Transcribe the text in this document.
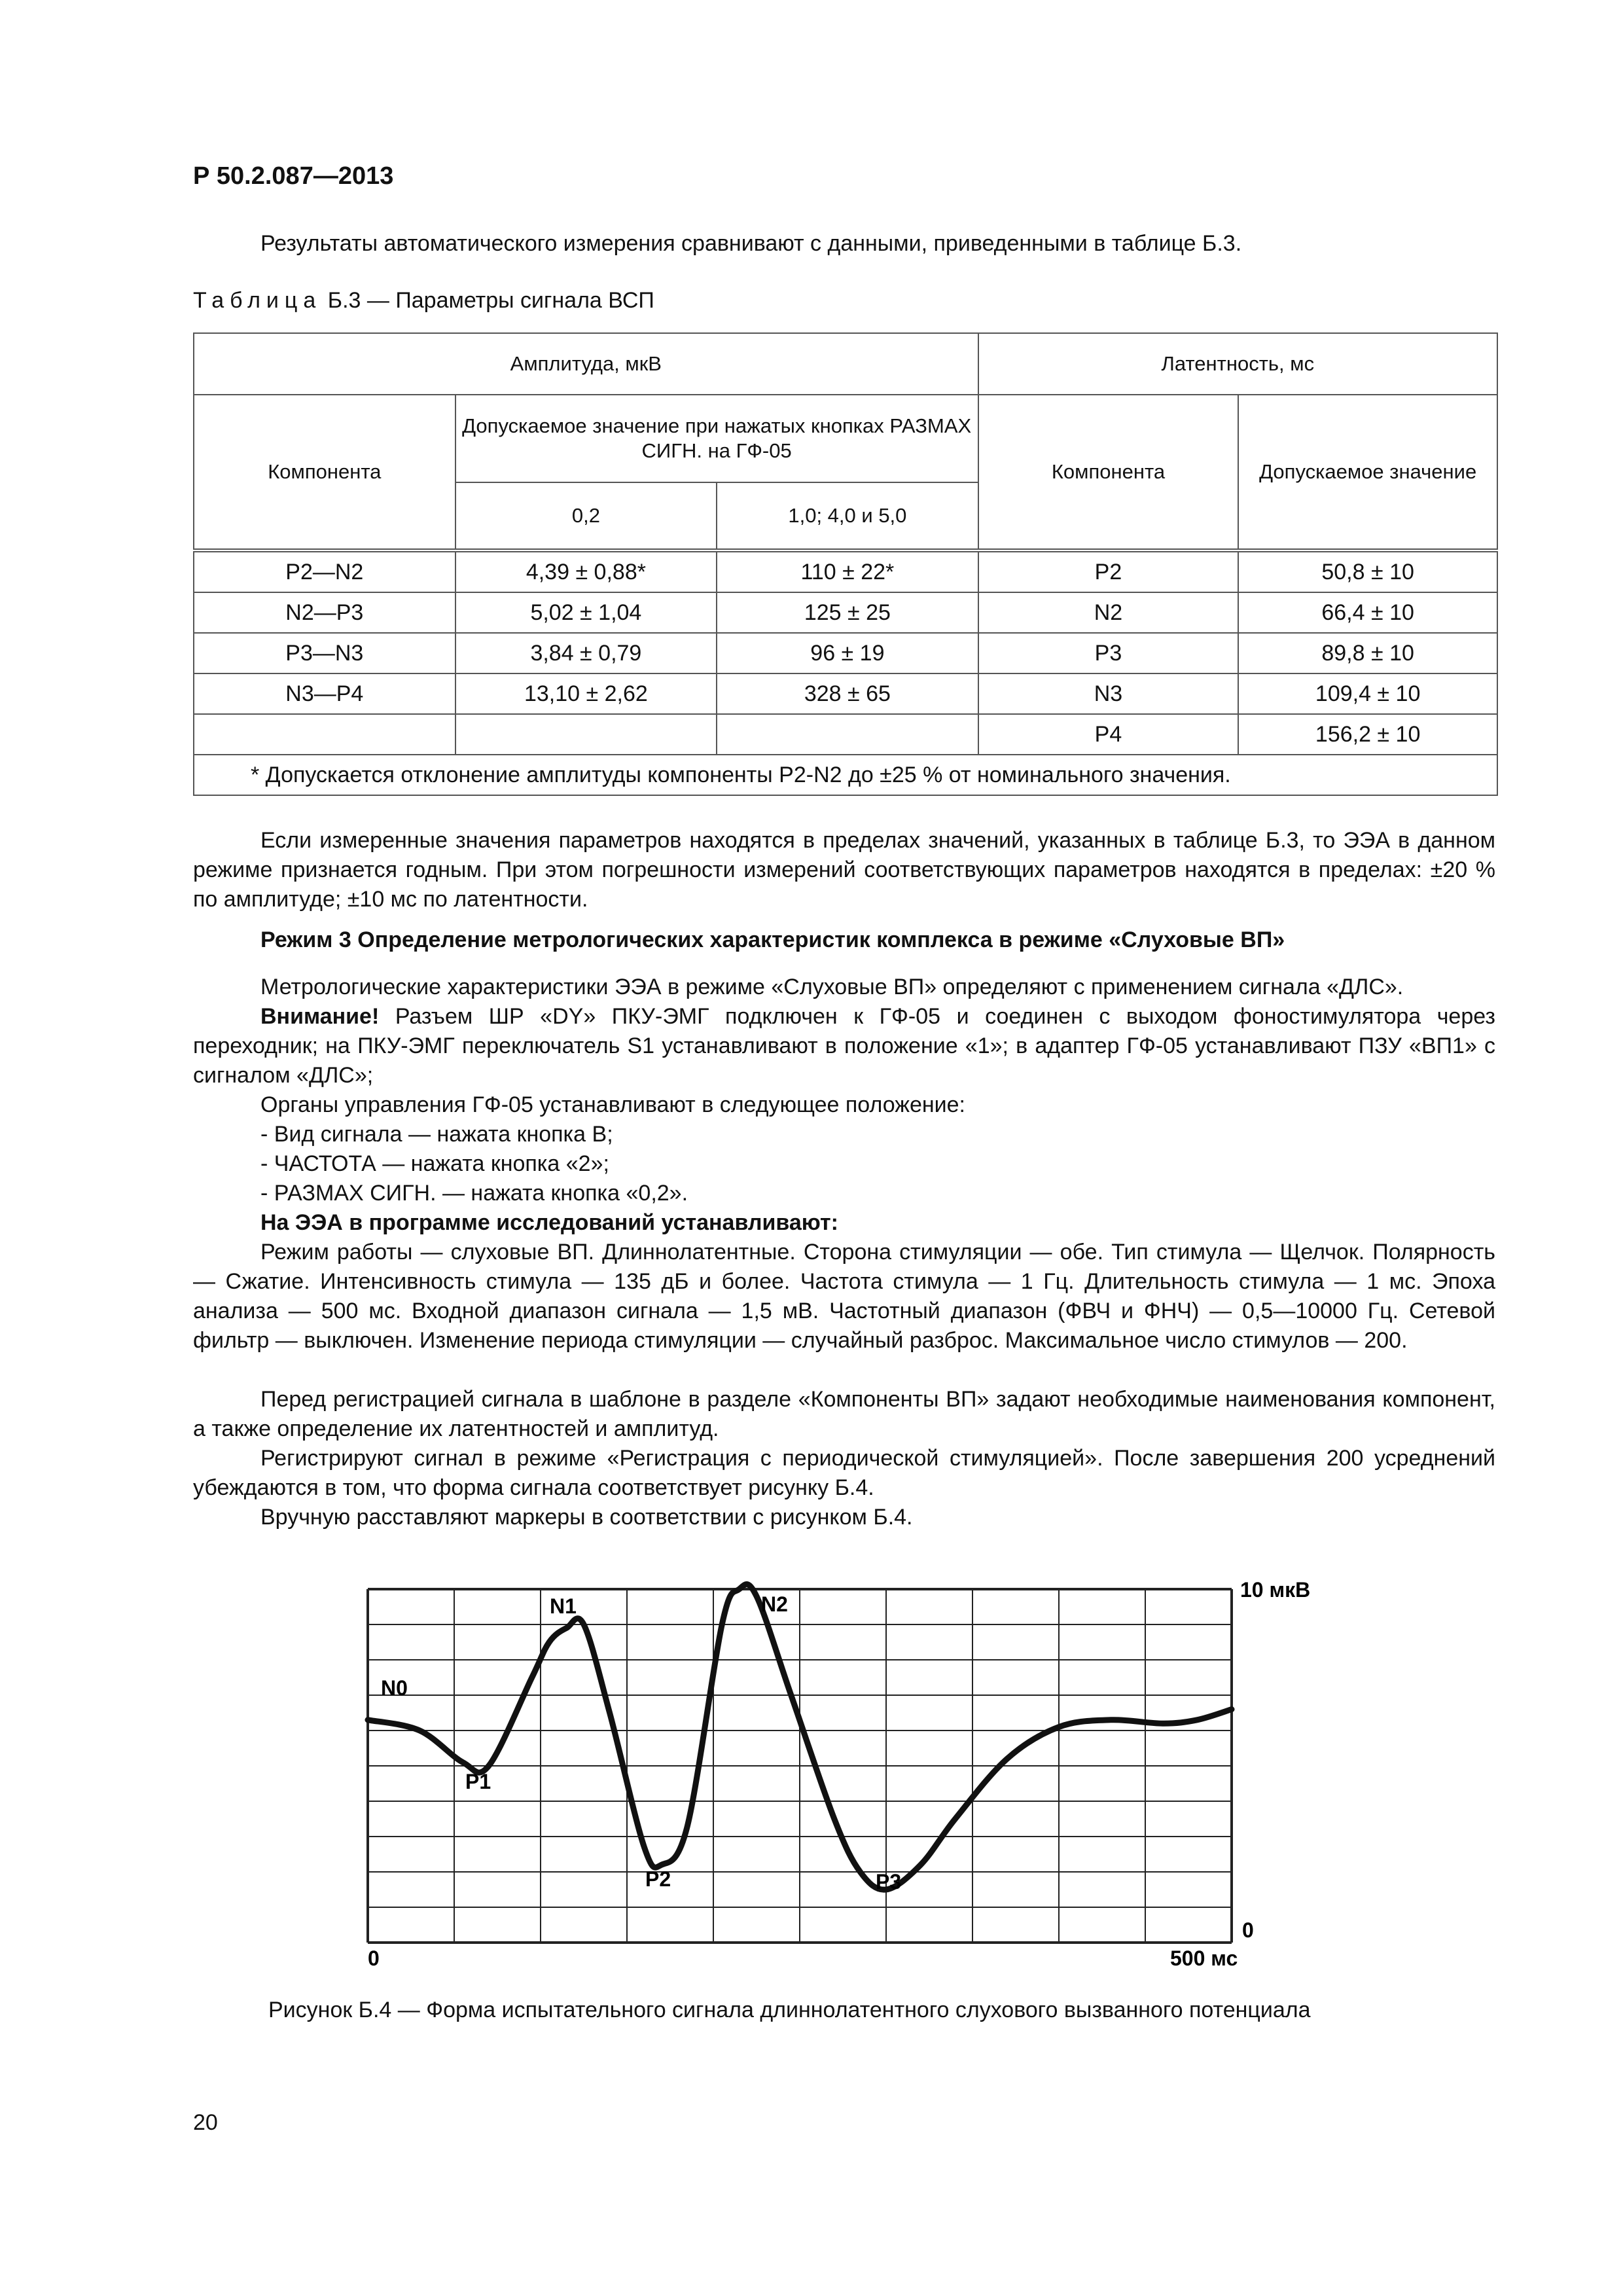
Р 50.2.087—2013
Результаты автоматического измерения сравнивают с данными, приведенными в таблице Б.3.
Таблица Б.3 — Параметры сигнала ВСП
Амплитуда, мкВ			Латентность, мс	
Компонента	Допускаемое значение при нажатых кнопках РАЗМАХ СИГН. на ГФ-05		Компонента	Допускаемое значение
	0,2	1,0; 4,0 и 5,0		
Р2—N2	4,39 ± 0,88*	110 ± 22*	Р2	50,8 ± 10
N2—Р3	5,02 ± 1,04	125 ± 25	N2	66,4 ± 10
Р3—N3	3,84 ± 0,79	96 ± 19	Р3	89,8 ± 10
N3—Р4	13,10 ± 2,62	328 ± 65	N3	109,4 ± 10
			Р4	156,2 ± 10
* Допускается отклонение амплитуды компоненты Р2-N2 до ±25 % от номинального значения.				
Если измеренные значения параметров находятся в пределах значений, указанных в таблице Б.3, то ЭЭА в данном режиме признается годным. При этом погрешности измерений соответствующих параметров находятся в пределах: ±20 % по амплитуде; ±10 мс по латентности.
Режим 3 Определение метрологических характеристик комплекса в режиме «Слуховые ВП»
Метрологические характеристики ЭЭА в режиме «Слуховые ВП» определяют с применением сигнала «ДЛС».
Внимание! Разъем ШР «DY» ПКУ-ЭМГ подключен к ГФ-05 и соединен с выходом фоностимулятора через переходник; на ПКУ-ЭМГ переключатель S1 устанавливают в положение «1»; в адаптер ГФ-05 устанавливают ПЗУ «ВП1» с сигналом «ДЛС»;
Органы управления ГФ-05 устанавливают в следующее положение:
- Вид сигнала — нажата кнопка В;
- ЧАСТОТА — нажата кнопка «2»;
- РАЗМАХ СИГН. — нажата кнопка «0,2».
На ЭЭА в программе исследований устанавливают:
Режим работы — слуховые ВП. Длиннолатентные. Сторона стимуляции — обе. Тип стимула — Щелчок. Полярность — Сжатие. Интенсивность стимула — 135 дБ и более. Частота стимула — 1 Гц. Длительность стимула — 1 мс. Эпоха анализа — 500 мс. Входной диапазон сигнала — 1,5 мВ. Частотный диапазон (ФВЧ и ФНЧ) — 0,5—10000 Гц. Сетевой фильтр — выключен. Изменение периода стимуляции — случайный разброс. Максимальное число стимулов — 200.
Перед регистрацией сигнала в шаблоне в разделе «Компоненты ВП» задают необходимые наименования компонент, а также определение их латентностей и амплитуд.
Регистрируют сигнал в режиме «Регистрация с периодической стимуляцией». После завершения 200 усреднений убеждаются в том, что форма сигнала соответствует рисунку Б.4.
Вручную расставляют маркеры в соответствии с рисунком Б.4.
10 мкВ
0
0	500 мс
N0
N1	N2
Р1
Р2	Р3
Рисунок Б.4 — Форма испытательного сигнала длиннолатентного слухового вызванного потенциала
20
